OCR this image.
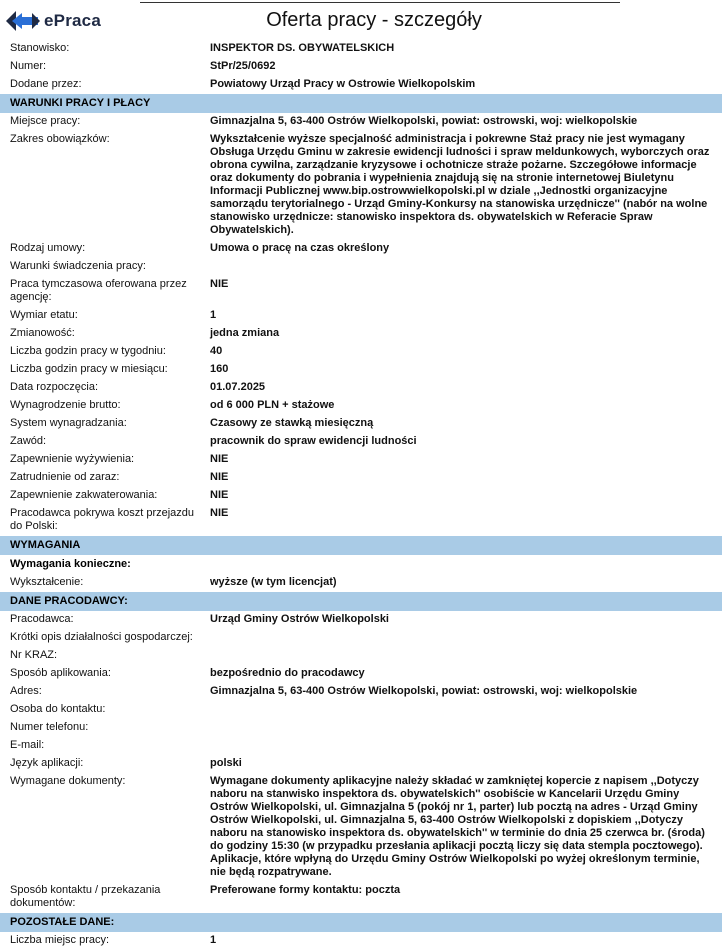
ePraca	Oferta pracy - szczegóły
Stanowisko:	INSPEKTOR DS. OBYWATELSKICH
Numer:	StPr/25/0692
Dodane przez:	Powiatowy Urząd Pracy w Ostrowie Wielkopolskim
WARUNKI PRACY I PŁACY	
Miejsce pracy:	Gimnazjalna 5, 63-400 Ostrów Wielkopolski, powiat: ostrowski, woj: wielkopolskie
Zakres obowiązków:	Wykształcenie wyższe specjalność administracja i pokrewne Staż pracy nie jest wymagany Obsługa Urzędu Gminu w zakresie ewidencji ludności i spraw meldunkowych, wyborczych oraz obrona cywilna, zarządzanie kryzysowe i ochotnicze straże pożarne. Szczegółowe informacje oraz dokumenty do pobrania i wypełnienia znajdują się na stronie internetowej Biuletynu Informacji Publicznej www.bip.ostrowwielkopolski.pl w dziale ,,Jednostki organizacyjne samorządu terytorialnego - Urząd Gminy-Konkursy na stanowiska urzędnicze'' (nabór na wolne stanowisko urzędnicze: stanowisko inspektora ds. obywatelskich w Referacie Spraw Obywatelskich).
Rodzaj umowy:	Umowa o pracę na czas określony
Warunki świadczenia pracy:	
Praca tymczasowa oferowana przez agencję:	NIE
Wymiar etatu:	1
Zmianowość:	jedna zmiana
Liczba godzin pracy w tygodniu:	40
Liczba godzin pracy w miesiącu:	160
Data rozpoczęcia:	01.07.2025
Wynagrodzenie brutto:	od 6 000 PLN + stażowe
System wynagradzania:	Czasowy ze stawką miesięczną
Zawód:	pracownik do spraw ewidencji ludności
Zapewnienie wyżywienia:	NIE
Zatrudnienie od zaraz:	NIE
Zapewnienie zakwaterowania:	NIE
Pracodawca pokrywa koszt przejazdu do Polski:	NIE
WYMAGANIA	
Wymagania konieczne:	
Wykształcenie:	wyższe (w tym licencjat)
DANE PRACODAWCY:	
Pracodawca:	Urząd Gminy Ostrów Wielkopolski
Krótki opis działalności gospodarczej:	
Nr KRAZ:	
Sposób aplikowania:	bezpośrednio do pracodawcy
Adres:	Gimnazjalna 5, 63-400 Ostrów Wielkopolski, powiat: ostrowski, woj: wielkopolskie
Osoba do kontaktu:	
Numer telefonu:	
E-mail:	
Język aplikacji:	polski
Wymagane dokumenty:	Wymagane dokumenty aplikacyjne należy składać w zamkniętej kopercie z napisem ,,Dotyczy naboru na stanwisko inspektora ds. obywatelskich'' osobiście w Kancelarii Urzędu Gminy Ostrów Wielkopolski, ul. Gimnazjalna 5 (pokój nr 1, parter) lub pocztą na adres - Urząd Gminy Ostrów Wielkopolski, ul. Gimnazjalna 5, 63-400 Ostrów Wielkopolski z dopiskiem ,,Dotyczy naboru na stanowisko inspektora ds. obywatelskich'' w terminie do dnia 25 czerwca br. (środa) do godziny 15:30 (w przypadku przesłania aplikacji pocztą liczy się data stempla pocztowego). Aplikacje, które wpłyną do Urzędu Gminy Ostrów Wielkopolski po wyżej określonym terminie, nie będą rozpatrywane.
Sposób kontaktu / przekazania dokumentów:	Preferowane formy kontaktu: poczta
POZOSTAŁE DANE:	
Liczba miejsc pracy:	1
